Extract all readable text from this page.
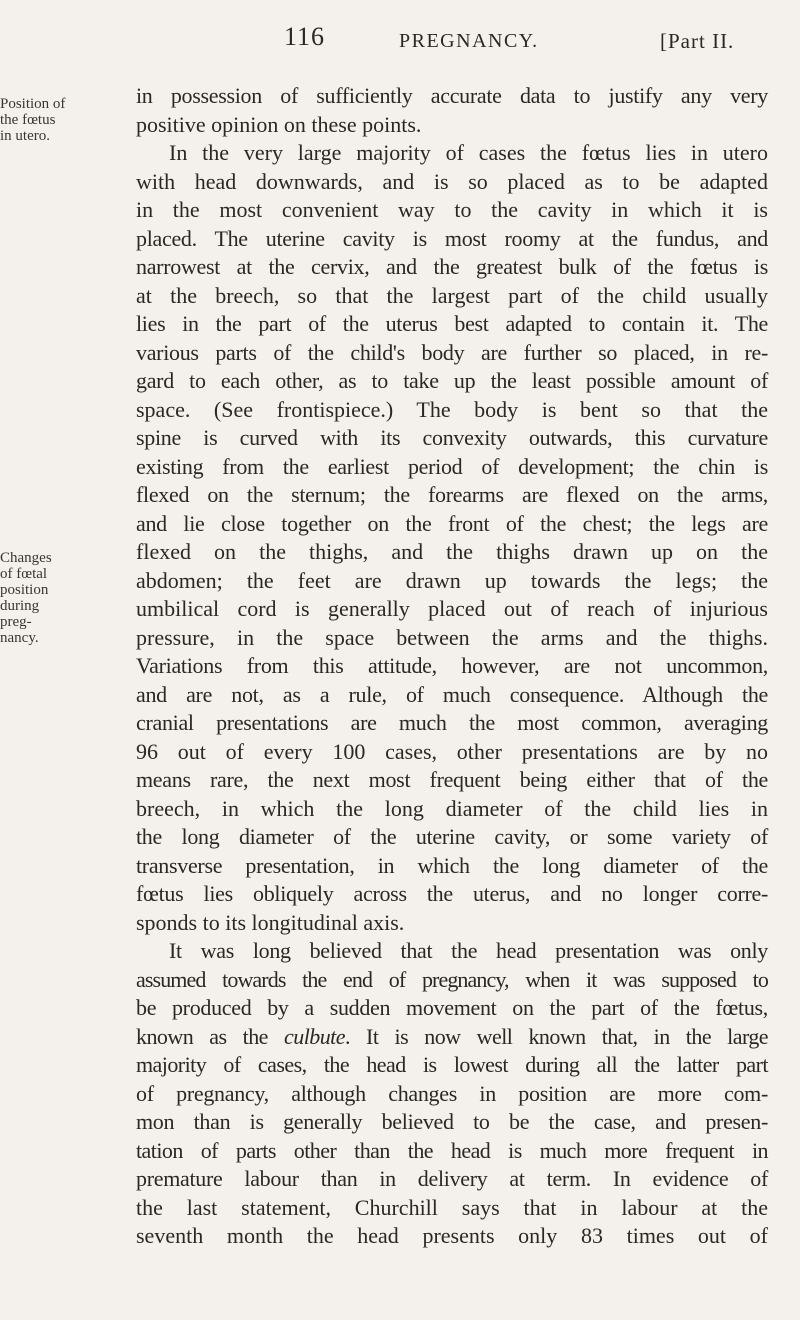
116	PREGNANCY.	[Part II.
Position of
the fœtus
in utero.
Changes
of fœtal
position
during
preg-
nancy.
in possession of sufficiently accurate data to justify any very
positive opinion on these points.
In the very large majority of cases the fœtus lies in utero
with head downwards, and is so placed as to be adapted
in the most convenient way to the cavity in which it is
placed. The uterine cavity is most roomy at the fundus, and
narrowest at the cervix, and the greatest bulk of the fœtus is
at the breech, so that the largest part of the child usually
lies in the part of the uterus best adapted to contain it. The
various parts of the child's body are further so placed, in re-
gard to each other, as to take up the least possible amount of
space. (See frontispiece.) The body is bent so that the
spine is curved with its convexity outwards, this curvature
existing from the earliest period of development; the chin is
flexed on the sternum; the forearms are flexed on the arms,
and lie close together on the front of the chest; the legs are
flexed on the thighs, and the thighs drawn up on the
abdomen; the feet are drawn up towards the legs; the
umbilical cord is generally placed out of reach of injurious
pressure, in the space between the arms and the thighs.
Variations from this attitude, however, are not uncommon,
and are not, as a rule, of much consequence. Although the
cranial presentations are much the most common, averaging
96 out of every 100 cases, other presentations are by no
means rare, the next most frequent being either that of the
breech, in which the long diameter of the child lies in
the long diameter of the uterine cavity, or some variety of
transverse presentation, in which the long diameter of the
fœtus lies obliquely across the uterus, and no longer corre-
sponds to its longitudinal axis.
It was long believed that the head presentation was only
assumed towards the end of pregnancy, when it was supposed to
be produced by a sudden movement on the part of the fœtus,
known as the culbute. It is now well known that, in the large
majority of cases, the head is lowest during all the latter part
of pregnancy, although changes in position are more com-
mon than is generally believed to be the case, and presen-
tation of parts other than the head is much more frequent in
premature labour than in delivery at term. In evidence of
the last statement, Churchill says that in labour at the
seventh month the head presents only 83 times out of
